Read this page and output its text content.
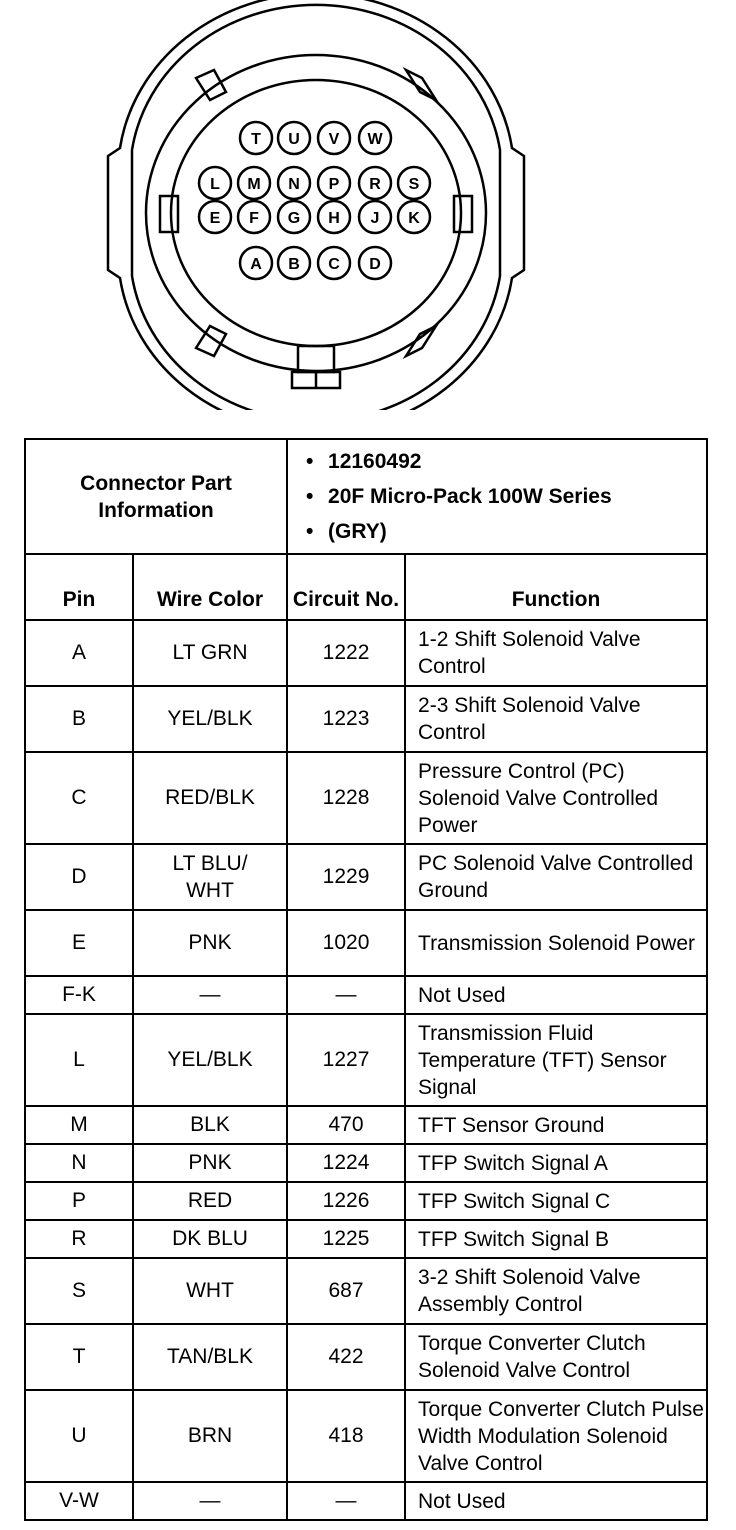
T U V W
L M N P R S
E F G H J K
A B C D
Connector Part Information		• 12160492
• 20F Micro-Pack 100W Series
• (GRY)

Pin	Wire Color	Circuit No.	Function
A	LT GRN	1222	1-2 Shift Solenoid Valve Control
B	YEL/BLK	1223	2-3 Shift Solenoid Valve Control
C	RED/BLK	1228	Pressure Control (PC) Solenoid Valve Controlled Power
D	LT BLU/ WHT	1229	PC Solenoid Valve Controlled Ground
E	PNK	1020	Transmission Solenoid Power
F-K	—	—	Not Used
L	YEL/BLK	1227	Transmission Fluid Temperature (TFT) Sensor Signal
M	BLK	470	TFT Sensor Ground
N	PNK	1224	TFP Switch Signal A
P	RED	1226	TFP Switch Signal C
R	DK BLU	1225	TFP Switch Signal B
S	WHT	687	3-2 Shift Solenoid Valve Assembly Control
T	TAN/BLK	422	Torque Converter Clutch Solenoid Valve Control
U	BRN	418	Torque Converter Clutch Pulse Width Modulation Solenoid Valve Control
V-W	—	—	Not Used
